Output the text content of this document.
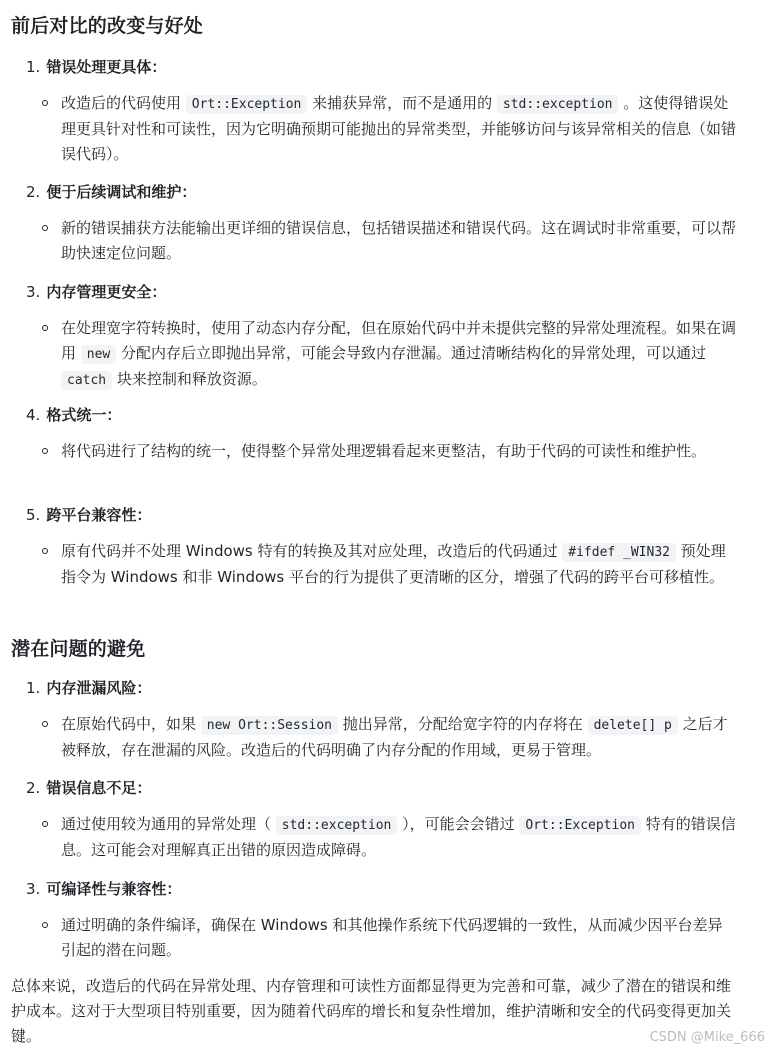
前后对比的改变与好处
1. 错误处理更具体：
改造后的代码使用 Ort::Exception 来捕获异常，而不是通用的 std::exception 。这使得错误处理更具针对性和可读性，因为它明确预期可能抛出的异常类型，并能够访问与该异常相关的信息（如错误代码）。
2. 便于后续调试和维护：
新的错误捕获方法能输出更详细的错误信息，包括错误描述和错误代码。这在调试时非常重要，可以帮助快速定位问题。
3. 内存管理更安全：
在处理宽字符转换时，使用了动态内存分配，但在原始代码中并未提供完整的异常处理流程。如果在调用 new 分配内存后立即抛出异常，可能会导致内存泄漏。通过清晰结构化的异常处理，可以通过 catch 块来控制和释放资源。
4. 格式统一：
将代码进行了结构的统一，使得整个异常处理逻辑看起来更整洁，有助于代码的可读性和维护性。
5. 跨平台兼容性：
原有代码并不处理 Windows 特有的转换及其对应处理，改造后的代码通过 #ifdef _WIN32 预处理指令为 Windows 和非 Windows 平台的行为提供了更清晰的区分，增强了代码的跨平台可移植性。
潜在问题的避免
1. 内存泄漏风险：
在原始代码中，如果 new Ort::Session 抛出异常，分配给宽字符的内存将在 delete[] p 之后才被释放，存在泄漏的风险。改造后的代码明确了内存分配的作用域，更易于管理。
2. 错误信息不足：
通过使用较为通用的异常处理（ std::exception ），可能会会错过 Ort::Exception 特有的错误信息。这可能会对理解真正出错的原因造成障碍。
3. 可编译性与兼容性：
通过明确的条件编译，确保在 Windows 和其他操作系统下代码逻辑的一致性，从而减少因平台差异引起的潜在问题。
总体来说，改造后的代码在异常处理、内存管理和可读性方面都显得更为完善和可靠，减少了潜在的错误和维护成本。这对于大型项目特别重要，因为随着代码库的增长和复杂性增加，维护清晰和安全的代码变得更加关键。	CSDN @Mike_666
